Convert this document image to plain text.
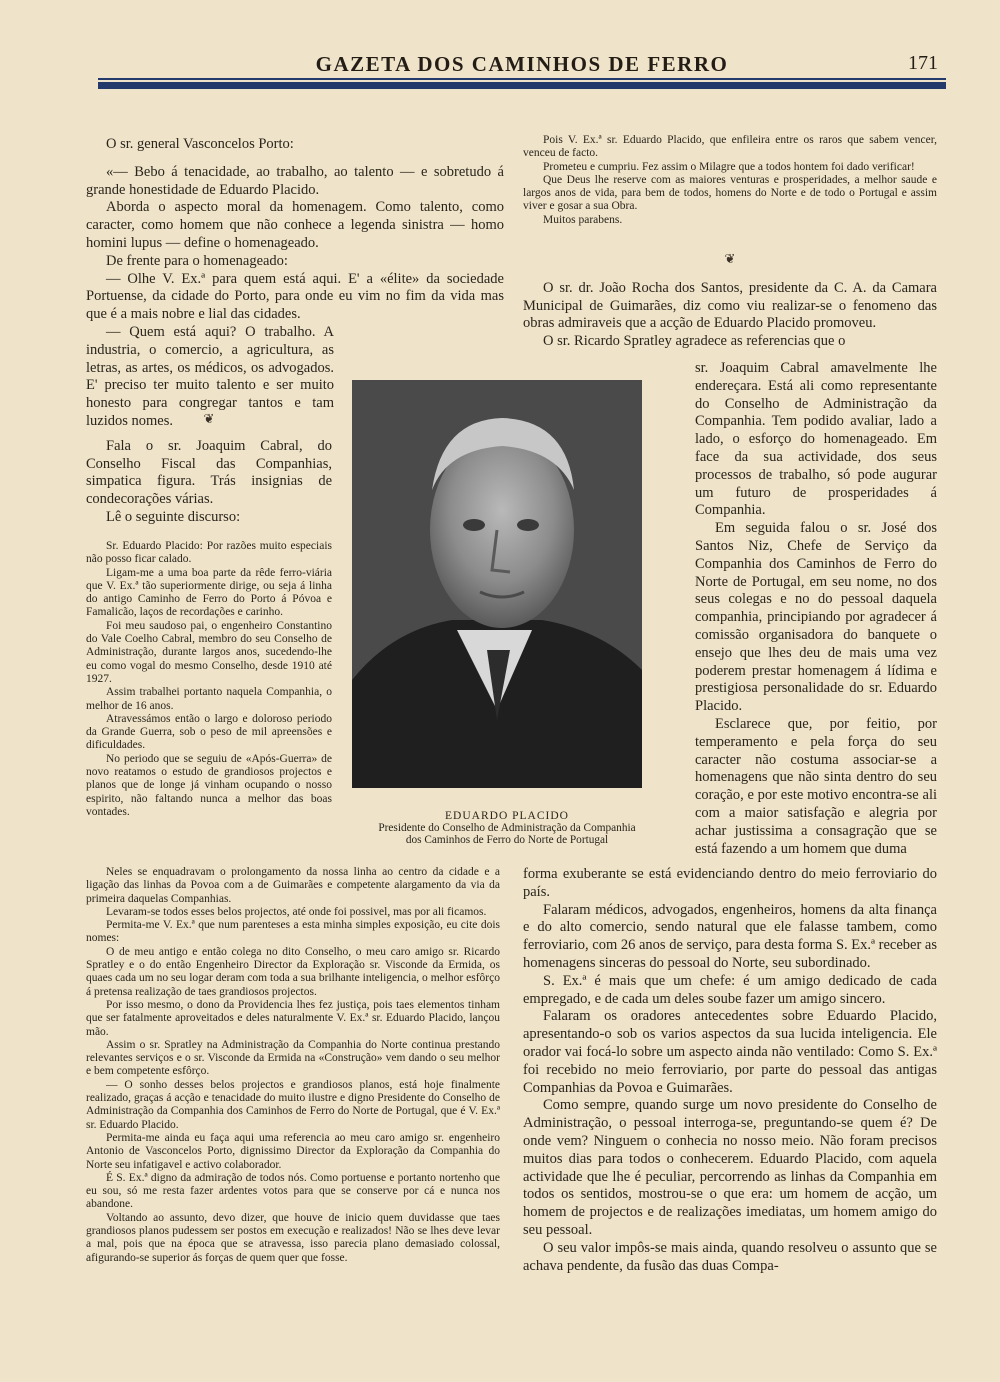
GAZETA DOS CAMINHOS DE FERRO	171

O sr. general Vasconcelos Porto:

«— Bebo á tenacidade, ao trabalho, ao talento — e sobretudo á grande honestidade de Eduardo Placido.

Aborda o aspecto moral da homenagem. Como talento, como caracter, como homem que não conhece a legenda sinistra — homo homini lupus — define o homenageado.

De frente para o homenageado:

— Olhe V. Ex.ª para quem está aqui. E' a «élite» da sociedade Portuense, da cidade do Porto, para onde eu vim no fim da vida mas que é a mais nobre e lial das cidades.

— Quem está aqui? O trabalho. A industria, o comercio, a agricultura, as letras, as artes, os médicos, os advogados. E' preciso ter muito talento e ser muito honesto para congregar tantos e tam luzidos nomes.	❦

Fala o sr. Joaquim Cabral, do Conselho Fiscal das Companhias, simpatica figura. Trás insignias de condecorações várias.

Lê o seguinte discurso:

Sr. Eduardo Placido: Por razões muito especiais não posso ficar calado.

Ligam-me a uma boa parte da rêde ferro-viária que V. Ex.ª tão superiormente dirige, ou seja á linha do antigo Caminho de Ferro do Porto á Póvoa e Famalicão, laços de recordações e carinho.

Foi meu saudoso pai, o engenheiro Constantino do Vale Coelho Cabral, membro do seu Conselho de Administração, durante largos anos, sucedendo-lhe eu como vogal do mesmo Conselho, desde 1910 até 1927.

Assim trabalhei portanto naquela Companhia, o melhor de 16 anos.

Atravessámos então o largo e doloroso periodo da Grande Guerra, sob o peso de mil apreensões e dificuldades.

No periodo que se seguiu de «Após-Guerra» de novo reatamos o estudo de grandiosos projectos e planos que de longe já vinham ocupando o nosso espirito, não faltando nunca a melhor das boas vontades.

Neles se enquadravam o prolongamento da nossa linha ao centro da cidade e a ligação das linhas da Povoa com a de Guimarães e competente alargamento da via da primeira daquelas Companhias.

Levaram-se todos esses belos projectos, até onde foi possivel, mas por ali ficamos.

Permita-me V. Ex.ª que num parenteses a esta minha simples exposição, eu cite dois nomes:

O de meu antigo e então colega no dito Conselho, o meu caro amigo sr. Ricardo Spratley e o do então Engenheiro Director da Exploração sr. Visconde da Ermida, os quaes cada um no seu logar deram com toda a sua brilhante inteligencia, o melhor esfôrço á pretensa realização de taes grandiosos projectos.

Por isso mesmo, o dono da Providencia lhes fez justiça, pois taes elementos tinham que ser fatalmente aproveitados e deles naturalmente V. Ex.ª sr. Eduardo Placido, lançou mão.

Assim o sr. Spratley na Administração da Companhia do Norte continua prestando relevantes serviços e o sr. Visconde da Ermida na «Construção» vem dando o seu melhor e bem competente esfôrço.

— O sonho desses belos projectos e grandiosos planos, está hoje finalmente realizado, graças á acção e tenacidade do muito ilustre e digno Presidente do Conselho de Administração da Companhia dos Caminhos de Ferro do Norte de Portugal, que é V. Ex.ª sr. Eduardo Placido.

Permita-me ainda eu faça aqui uma referencia ao meu caro amigo sr. engenheiro Antonio de Vasconcelos Porto, dignissimo Director da Exploração da Companhia do Norte seu infatigavel e activo colaborador.

É S. Ex.ª digno da admiração de todos nós. Como portuense e portanto nortenho que eu sou, só me resta fazer ardentes votos para que se conserve por cá e nunca nos abandone.

Voltando ao assunto, devo dizer, que houve de inicio quem duvidasse que taes grandiosos planos pudessem ser postos em execução e realizados! Não se lhes deve levar a mal, pois que na época que se atravessa, isso parecia plano demasiado colossal, afigurando-se superior ás forças de quem quer que fosse.

Pois V. Ex.ª sr. Eduardo Placido, que enfileira entre os raros que sabem vencer, venceu de facto.

Prometeu e cumpriu. Fez assim o Milagre que a todos hontem foi dado verificar!

Que Deus lhe reserve com as maiores venturas e prosperidades, a melhor saude e largos anos de vida, para bem de todos, homens do Norte e de todo o Portugal e assim viver e gosar a sua Obra.

Muitos parabens.

❦

O sr. dr. João Rocha dos Santos, presidente da C. A. da Camara Municipal de Guimarães, diz como viu realizar-se o fenomeno das obras admiraveis que a acção de Eduardo Placido promoveu.

O sr. Ricardo Spratley agradece as referencias que o

sr. Joaquim Cabral amavelmente lhe endereçara. Está ali como representante do Conselho de Administração da Companhia. Tem podido avaliar, lado a lado, o esforço do homenageado. Em face da sua actividade, dos seus processos de trabalho, só pode augurar um futuro de prosperidades á Companhia.

Em seguida falou o sr. José dos Santos Niz, Chefe de Serviço da Companhia dos Caminhos de Ferro do Norte de Portugal, em seu nome, no dos seus colegas e no do pessoal daquela companhia, principiando por agradecer á comissão organisadora do banquete o ensejo que lhes deu de mais uma vez poderem prestar homenagem á lídima e prestigiosa personalidade do sr. Eduardo Placido.

Esclarece que, por feitio, por temperamento e pela força do seu caracter não costuma associar-se a homenagens que não sinta dentro do seu coração, e por este motivo encontra-se ali com a maior satisfação e alegria por achar justissima a consagração que se está fazendo a um homem que duma

forma exuberante se está evidenciando dentro do meio ferroviario do país.

Falaram médicos, advogados, engenheiros, homens da alta finança e do alto comercio, sendo natural que ele falasse tambem, como ferroviario, com 26 anos de serviço, para desta forma S. Ex.ª receber as homenagens sinceras do pessoal do Norte, seu subordinado.

S. Ex.ª é mais que um chefe: é um amigo dedicado de cada empregado, e de cada um deles soube fazer um amigo sincero.

Falaram os oradores antecedentes sobre Eduardo Placido, apresentando-o sob os varios aspectos da sua lucida inteligencia. Ele orador vai focá-lo sobre um aspecto ainda não ventilado: Como S. Ex.ª foi recebido no meio ferroviario, por parte do pessoal das antigas Companhias da Povoa e Guimarães.

Como sempre, quando surge um novo presidente do Conselho de Administração, o pessoal interroga-se, preguntando-se quem é? De onde vem? Ninguem o conhecia no nosso meio. Não foram precisos muitos dias para todos o conhecerem. Eduardo Placido, com aquela actividade que lhe é peculiar, percorrendo as linhas da Companhia em todos os sentidos, mostrou-se o que era: um homem de acção, um homem de projectos e de realizações imediatas, um homem amigo do seu pessoal.

O seu valor impôs-se mais ainda, quando resolveu o assunto que se achava pendente, da fusão das duas Compa-

EDUARDO PLACIDO
Presidente do Conselho de Administração da Companhia
dos Caminhos de Ferro do Norte de Portugal
